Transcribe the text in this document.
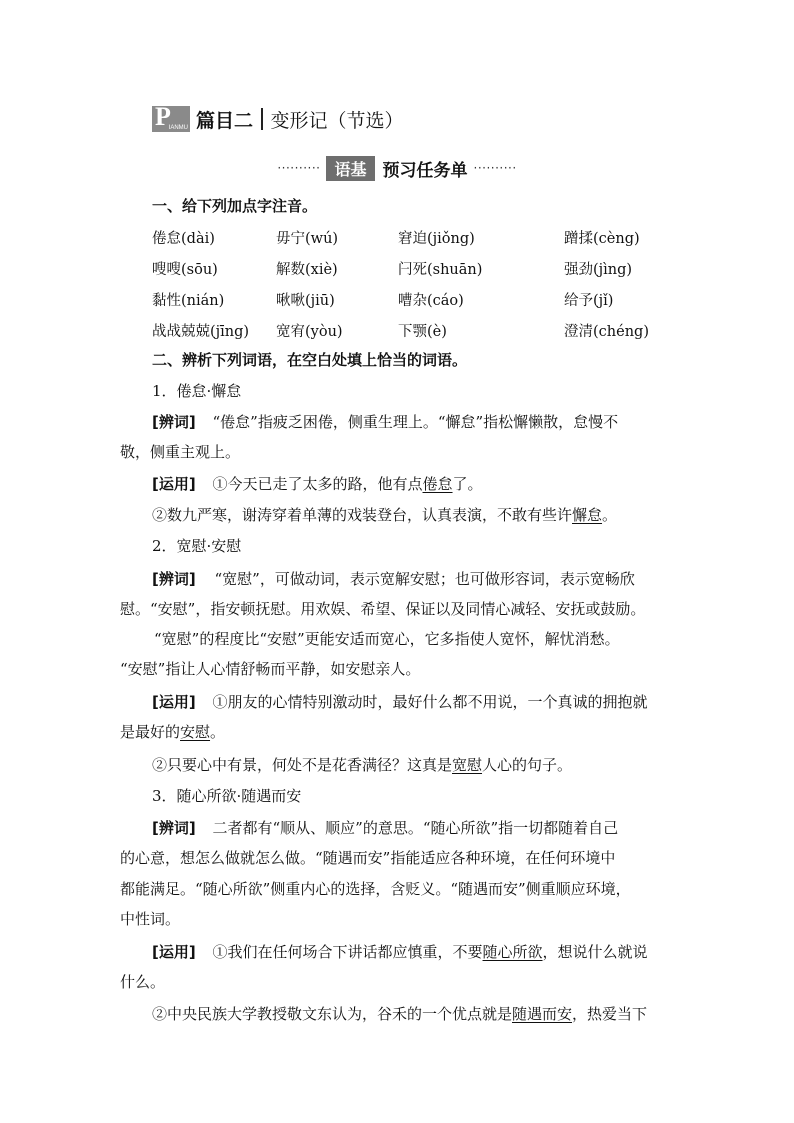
P
IANMU 篇目二 变形记（节选）
·········· 语基 预习任务单 ··········
一、给下列加点字注音。
倦怠(dài)	毋宁(wú)	窘迫(jiǒng)	蹭揉(cèng)
嗖嗖(sōu)	解数(xiè)	闩死(shuān)	强劲(jìng)
黏性(nián)	啾啾(jiū)	嘈杂(cáo)	给予(jǐ)
战战兢兢(jīng) 宽宥(yòu)	下颚(è)	澄清(chéng)
二、辨析下列词语，在空白处填上恰当的词语。
1．倦怠·懈怠
[辨词] “倦怠”指疲乏困倦，侧重生理上。“懈怠”指松懈懒散，怠慢不
敬，侧重主观上。
[运用] ①今天已走了太多的路，他有点倦怠了。
②数九严寒，谢涛穿着单薄的戏装登台，认真表演，不敢有些许懈怠。
2．宽慰·安慰
[辨词] “宽慰”，可做动词，表示宽解安慰；也可做形容词，表示宽畅欣
慰。“安慰”，指安顿抚慰。用欢娱、希望、保证以及同情心减轻、安抚或鼓励。
“宽慰”的程度比“安慰”更能安适而宽心，它多指使人宽怀，解忧消愁。
“安慰”指让人心情舒畅而平静，如安慰亲人。
[运用] ①朋友的心情特别激动时，最好什么都不用说，一个真诚的拥抱就
是最好的安慰。
②只要心中有景，何处不是花香满径？这真是宽慰人心的句子。
3．随心所欲·随遇而安
[辨词] 二者都有“顺从、顺应”的意思。“随心所欲”指一切都随着自己
的心意，想怎么做就怎么做。“随遇而安”指能适应各种环境，在任何环境中
都能满足。“随心所欲”侧重内心的选择，含贬义。“随遇而安”侧重顺应环境，
中性词。
[运用] ①我们在任何场合下讲话都应慎重，不要随心所欲，想说什么就说
什么。
②中央民族大学教授敬文东认为，谷禾的一个优点就是随遇而安，热爱当下
